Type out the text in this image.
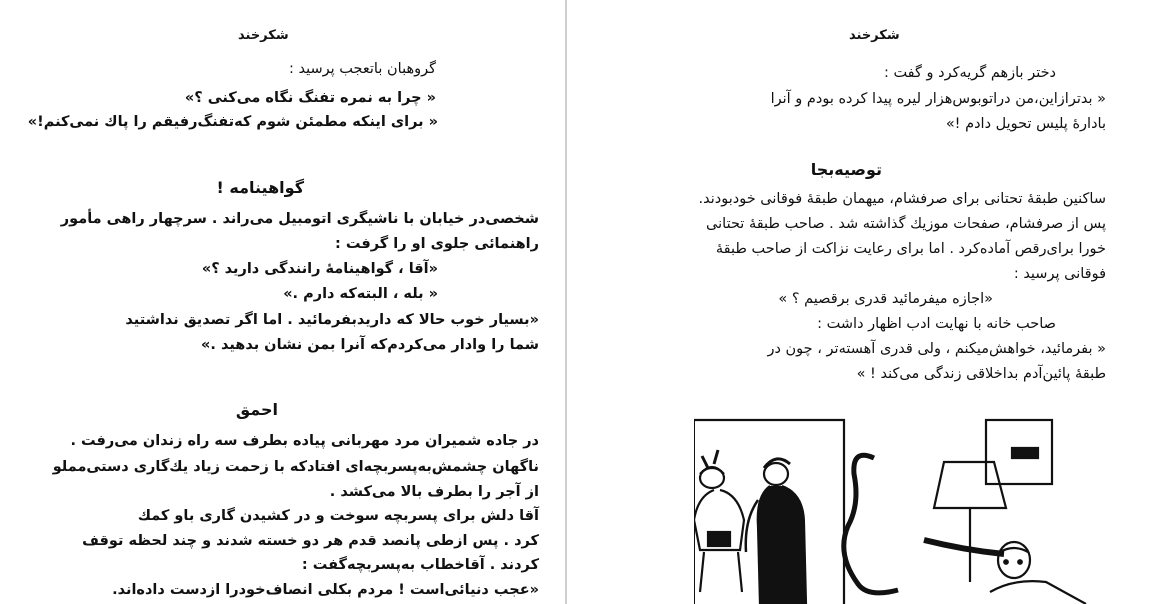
شکرخند
گروهبان باتعجب پرسید :
« چرا به نمره تفنگ نگاه می‌کنی ؟»
« برای اینکه مطمئن شوم که‌تفنگ‌رفیقم را پاك نمی‌کنم!»
گواهینامه !
شخصی‌در خیابان با ناشیگری اتومبیل می‌راند . سرچهار راهی مأمور
راهنمائی جلوی او را گرفت :
«آقا ، گواهینامهٔ رانندگی دارید ؟»
« بله ، البته‌که دارم .»
«بسیار خوب حالا که داریدبفرمائید . اما اگر تصدیق نداشتید
شما را وادار می‌کردم‌که آنرا بمن نشان بدهید .»
احمق
در جاده شمیران مرد مهربانی پیاده بطرف سه راه زندان می‌رفت .
ناگهان چشمش‌به‌پسربچه‌ای افتادکه با زحمت زیاد یك‌گاری دستی‌مملو
از آجر را بطرف بالا می‌کشد .
آقا دلش برای پسربچه سوخت و در کشیدن گاری باو کمك
کرد . پس ازطی پانصد قدم هر دو خسته شدند و چند لحظه توقف
کردند . آقاخطاب به‌پسربچه‌گفت :
«عجب دنیائی‌است ! مردم بکلی انصاف‌خودرا ازدست داده‌اند.
شکرخند
دختر بازهم گریه‌کرد و گفت :
« بدترازاین،من دراتوبوس‌هزار لیره پیدا کرده بودم و آنرا
بادارهٔ پلیس تحویل دادم !»
توصیه‌بجا
ساکنین طبقهٔ تحتانی برای صرفشام، میهمان طبقهٔ فوقانی خودبودند.
پس از صرفشام، صفحات موزیك گذاشته شد . صاحب طبقهٔ تحتانی
خورا برای‌رقص آماده‌کرد . اما برای رعایت نزاکت از صاحب طبقهٔ
فوقانی پرسید :
«اجازه میفرمائید قدری برقصیم ؟ »
صاحب خانه با نهایت ادب اظهار داشت :
« بفرمائید، خواهش‌میکنم ، ولی قدری آهسته‌تر ، چون در
طبقهٔ پائین‌آدم بداخلاقی زندگی می‌کند ! »
